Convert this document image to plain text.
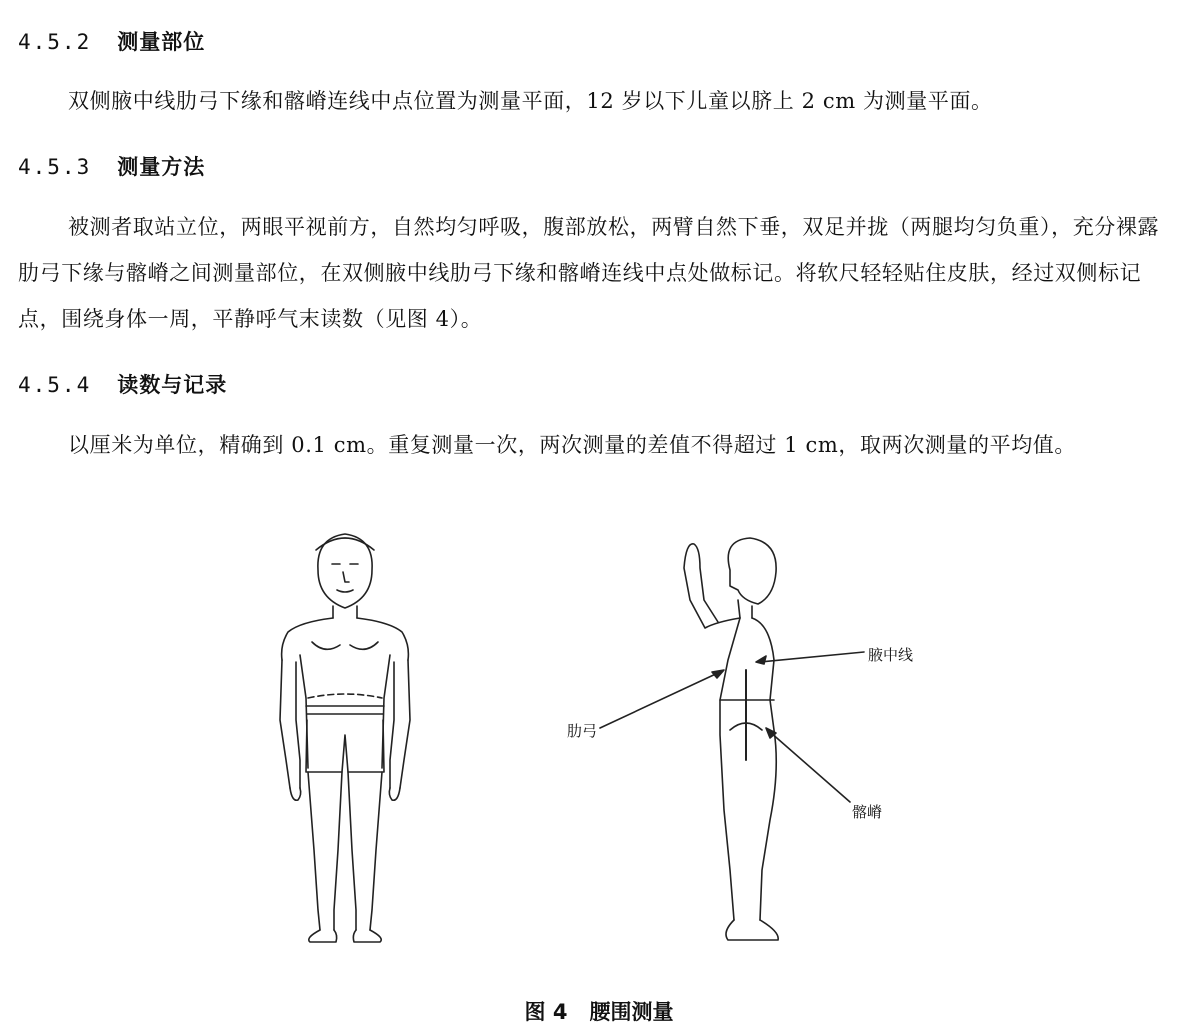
4.5.2 测量部位

双侧腋中线肋弓下缘和髂嵴连线中点位置为测量平面，12 岁以下儿童以脐上 2 cm 为测量平面。

4.5.3 测量方法

被测者取站立位，两眼平视前方，自然均匀呼吸，腹部放松，两臂自然下垂，双足并拢（两腿均匀负重），充分裸露肋弓下缘与髂嵴之间测量部位，在双侧腋中线肋弓下缘和髂嵴连线中点处做标记。将软尺轻轻贴住皮肤，经过双侧标记点，围绕身体一周，平静呼气末读数（见图 4）。

4.5.4 读数与记录

以厘米为单位，精确到 0.1 cm。重复测量一次，两次测量的差值不得超过 1 cm，取两次测量的平均值。

腋中线
肋弓
髂嵴
图 4 腰围测量
